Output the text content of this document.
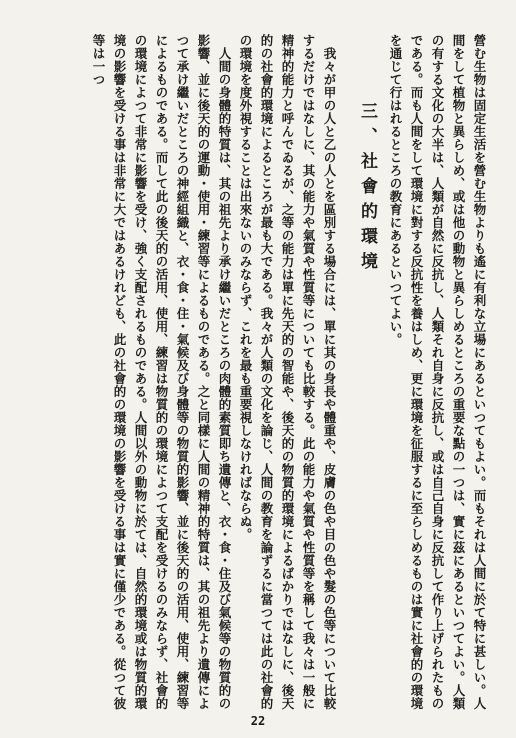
營む生物は固定生活を營む生物よりも遙に有利な立場にあるといつてもよい。而もそれは人間に於て特に甚しい。人間をして植物と異らしめ、或は他の動物と異らしめるところの重要な點の一つは、實に茲にあるといつてよい。人類の有する文化の大半は、人類が自然に反抗し、人類それ自身に反抗し、或は自己自身に反抗して作り上げられたものである。而も人間をして環境に對する反抗性を養はしめ、更に環境を征服するに至らしめるものは實に社會的の環境を通じて行はれるところの教育にあるといつてよい。

三、社會的環境

我々が甲の人と乙の人とを區別する場合には、單に其の身長や體重や、皮膚の色や目の色や髮の色等について比較するだけではなしに、其の能力や氣質や性質等についても比較する。此の能力や氣質や性質等を稱して我々は一般に精神的能力と呼んでゐるが、之等の能力は單に先天的の智能や、後天的の物質的環境によるばかりではなしに、後天的の社會的環境によるところが最も大である。我々が人類の文化を論じ、人間の教育を論ずるに當つては此の社會的の環境を度外視することは出來ないのみならず、これを最も重要視しなければならぬ。

人間の身體的特質は、其の祖先より承け繼いだところの肉體的素質即ち遺傳と、衣・食・住及び氣候等の物質的の影響、並に後天的の運動・使用・練習等によるものである。之と同樣に人間の精神的特質は、其の祖先より遺傳によつて承け繼いだところの神經組織と、衣・食・住・氣候及び身體等の物質的影響、並に後天的の活用、使用、練習等によるものである。而して此の後天的の活用、使用、練習は物質的の環境によつて支配を受けるのみならず、社會的の環境によつて非常に影響を受け、強く支配されるものである。人間以外の動物に於ては、自然的環境或は物質的環境の影響を受ける事は非常に大ではあるけれども、此の社會的の環境の影響を受ける事は實に僅少である。從つて彼等は一つ

22
